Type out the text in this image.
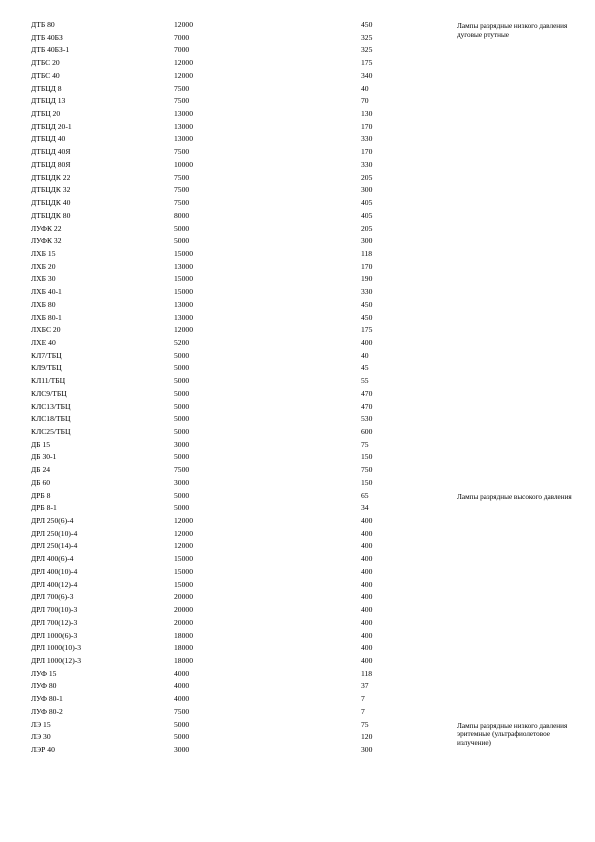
ДТБ 80	12000	450	Лампы разрядные низкого давления дуговые ртутные
ДТБ 40БЗ	7000	325
ДТБ 40БЗ-1	7000	325
ДТБС 20	12000	175
ДТБС 40	12000	340
ДТБЦД 8	7500	40
ДТБЦД 13	7500	70
ДТБЦ 20	13000	130
ДТБЦД 20-1	13000	170
ДТБЦД 40	13000	330
ДТБЦД 40Я	7500	170
ДТБЦД 80Я	10000	330
ДТБЦДК 22	7500	205
ДТБЦДК 32	7500	300
ДТБЦДК 40	7500	405
ДТБЦДК 80	8000	405
ЛУФК 22	5000	205
ЛУФК 32	5000	300
ЛХБ 15	15000	118
ЛХБ 20	13000	170
ЛХБ 30	15000	190
ЛХБ 40-1	15000	330
ЛХБ 80	13000	450
ЛХБ 80-1	13000	450
ЛХБС 20	12000	175
ЛХЕ 40	5200	400
КЛ7/ТБЦ	5000	40
КЛ9/ТБЦ	5000	45
КЛ11/ТБЦ	5000	55
КЛС9/ТБЦ	5000	470
КЛС13/ТБЦ	5000	470
КЛС18/ТБЦ	5000	530
КЛС25/ТБЦ	5000	600
ДБ 15	3000	75
ДБ 30-1	5000	150
ДБ 24	7500	750
ДБ 60	3000	150
ДРБ 8	5000	65	Лампы разрядные высокого давления
ДРБ 8-1	5000	34
ДРЛ 250(6)-4	12000	400
ДРЛ 250(10)-4	12000	400
ДРЛ 250(14)-4	12000	400
ДРЛ 400(6)-4	15000	400
ДРЛ 400(10)-4	15000	400
ДРЛ 400(12)-4	15000	400
ДРЛ 700(6)-3	20000	400
ДРЛ 700(10)-3	20000	400
ДРЛ 700(12)-3	20000	400
ДРЛ 1000(6)-3	18000	400
ДРЛ 1000(10)-3	18000	400
ДРЛ 1000(12)-3	18000	400
ЛУФ 15	4000	118
ЛУФ 80	4000	37
ЛУФ 80-1	4000	7
ЛУФ 80-2	7500	7
ЛЭ 15	5000	75	Лампы разрядные низкого давления эритемные (ультрафиолетовое излучение)
ЛЭ 30	5000	120
ЛЭР 40	3000	300
